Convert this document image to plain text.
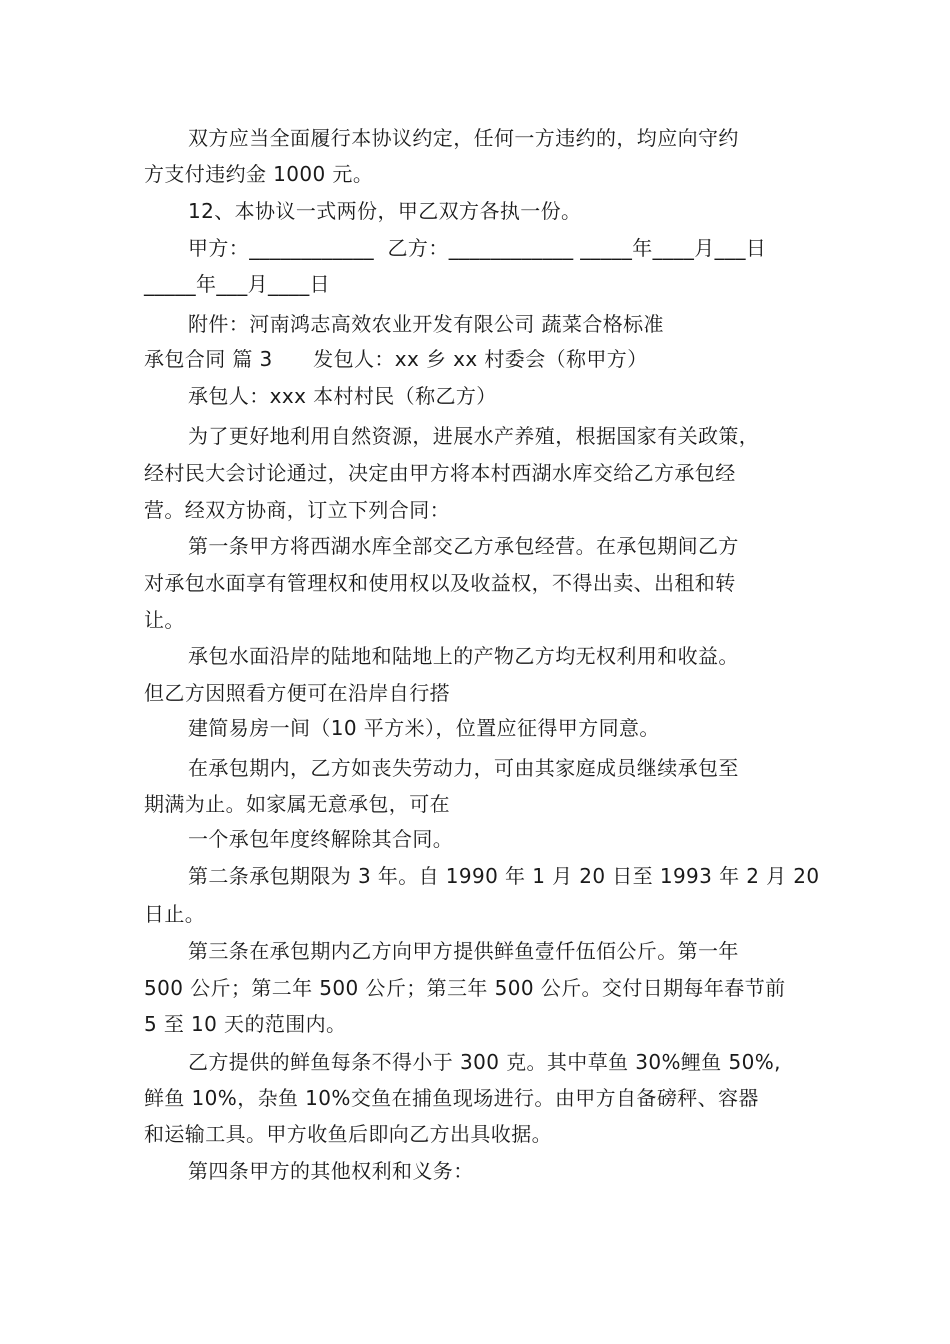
双方应当全面履行本协议约定，任何一方违约的，均应向守约
方支付违约金 1000 元。
12、本协议一式两份，甲乙双方各执一份。
甲方：____________  乙方：____________ _____年____月___日
_____年___月____日
附件：河南鸿志高效农业开发有限公司 蔬菜合格标准
承包合同 篇 3      发包人：xx 乡 xx 村委会（称甲方）
承包人：xxx 本村村民（称乙方）
为了更好地利用自然资源，进展水产养殖，根据国家有关政策，
经村民大会讨论通过，决定由甲方将本村西湖水库交给乙方承包经
营。经双方协商，订立下列合同：
第一条甲方将西湖水库全部交乙方承包经营。在承包期间乙方
对承包水面享有管理权和使用权以及收益权，不得出卖、出租和转
让。
承包水面沿岸的陆地和陆地上的产物乙方均无权利用和收益。
但乙方因照看方便可在沿岸自行搭
建简易房一间（10 平方米），位置应征得甲方同意。
在承包期内，乙方如丧失劳动力，可由其家庭成员继续承包至
期满为止。如家属无意承包，可在
一个承包年度终解除其合同。
第二条承包期限为 3 年。自 1990 年 1 月 20 日至 1993 年 2 月 20
日止。
第三条在承包期内乙方向甲方提供鲜鱼壹仟伍佰公斤。第一年
500 公斤；第二年 500 公斤；第三年 500 公斤。交付日期每年春节前
5 至 10 天的范围内。
乙方提供的鲜鱼每条不得小于 300 克。其中草鱼 30%鲤鱼 50%,
鲜鱼 10%，杂鱼 10%交鱼在捕鱼现场进行。由甲方自备磅秤、容器
和运输工具。甲方收鱼后即向乙方出具收据。
第四条甲方的其他权利和义务：
